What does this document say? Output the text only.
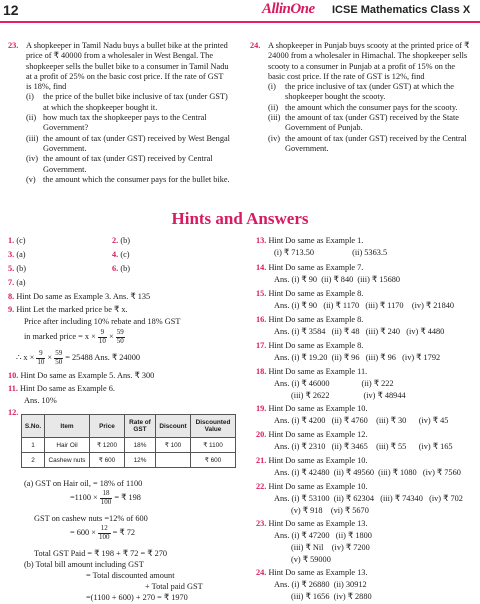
12	AllinOne ICSE Mathematics Class X
23. A shopkeeper in Tamil Nadu buys a bullet bike at the printed price of ₹ 40000 from a wholesaler in West Bengal. The shopkeeper sells the bullet bike to a consumer in Tamil Nadu at a profit of 25% on the basic cost price. If the rate of GST is 18%, find
(i)	the price of the bullet bike inclusive of tax (under GST) at which the shopkeeper bought it.
(ii) how much tax the shopkeeper pays to the Central Government?
(iii) the amount of tax (under GST) received by West Bengal Government.
(iv) the amount of tax (under GST) received by Central Government.
(v) the amount which the consumer pays for the bullet bike.
24. A shopkeeper in Punjab buys scooty at the printed price of ₹ 24000 from a wholesaler in Himachal. The shopkeeper sells scooty to a consumer in Punjab at a profit of 15% on the basic cost price. If the rate of GST is 12%, find
(i)	the price inclusive of tax (under GST) at which the shopkeeper bought the scooty.
(ii) the amount which the consumer pays for the scooty.
(iii) the amount of tax (under GST) received by the State Government of Punjab.
(iv) the amount of tax (under GST) received by the Central Government.
Hints and Answers
1. (c)	2. (b)
3. (a)	4. (c)
5. (b)	6. (b)
7. (a)
8. Hint Do same as Example 3. Ans. ₹ 135
9. Hint Let the marked price be ₹ x.
Price after including 10% rebate and 18% GST
in marked price = $x \times \frac{9}{10} \times \frac{59}{50}$
∴ $x \times \frac{9}{10} \times \frac{59}{50} = 25488$ Ans. ₹ 24000
10. Hint Do same as Example 5. Ans. ₹ 300
11. Hint Do same as Example 6.
Ans. 10%
12.
S.No.	Item	Price	Rate of GST	Discount	Discounted Value
1	Hair Oil	₹ 1200	18%	₹ 100	₹ 1100
2	Cashew nuts	₹ 600	12%		₹ 600
(a) GST on Hair oil, = 18% of 1100
$=1100 \times \frac{18}{100}$ = ₹ 198
GST on cashew nuts =12% of 600
= $600 \times \frac{12}{100}$ = ₹ 72
Total GST Paid = ₹ 198 + ₹ 72 = ₹ 270
(b) Total bill amount including GST
= Total discounted amount
+ Total paid GST
=(1100 + 600) + 270 = ₹ 1970
13. Hint Do same as Example 1.
(i) ₹ 713.50	(ii) 5363.5
14. Hint Do same as Example 7.
Ans. (i) ₹ 90 (ii) ₹ 840 (iii) ₹ 15680
15. Hint Do same as Example 8.
Ans. (i) ₹ 90 (ii) ₹ 1170 (iii) ₹ 1170 (iv) ₹ 21840
16. Hint Do same as Example 8.
Ans. (i) ₹ 3584 (ii) ₹ 48 (iii) ₹ 240 (iv) ₹ 4480
17. Hint Do same as Example 8.
Ans. (i) ₹ 19.20 (ii) ₹ 96 (iii) ₹ 96 (iv) ₹ 1792
18. Hint Do same as Example 11.
Ans. (i) ₹ 46000	(ii) ₹ 222
(iii) ₹ 2622	(iv) ₹ 48944
19. Hint Do same as Example 10.
Ans. (i) ₹ 4200 (ii) ₹ 4760 (iii) ₹ 30 (iv) ₹ 45
20. Hint Do same as Example 12.
Ans. (i) ₹ 2310 (ii) ₹ 3465 (iii) ₹ 55 (iv) ₹ 165
21. Hint Do same as Example 10.
Ans. (i) ₹ 42480 (ii) ₹ 49560 (iii) ₹ 1080 (iv) ₹ 7560
22. Hint Do same as Example 10.
Ans. (i) ₹ 53100 (ii) ₹ 62304 (iii) ₹ 74340 (iv) ₹ 702
(v) ₹ 918 (vi) ₹ 5670
23. Hint Do same as Example 13.
Ans. (i) ₹ 47200 (ii) ₹ 1800
(iii) ₹ Nil (iv) ₹ 7200
(v) ₹ 59000
24. Hint Do same as Example 13.
Ans. (i) ₹ 26880 (ii) 30912
(iii) ₹ 1656 (iv) ₹ 2880
